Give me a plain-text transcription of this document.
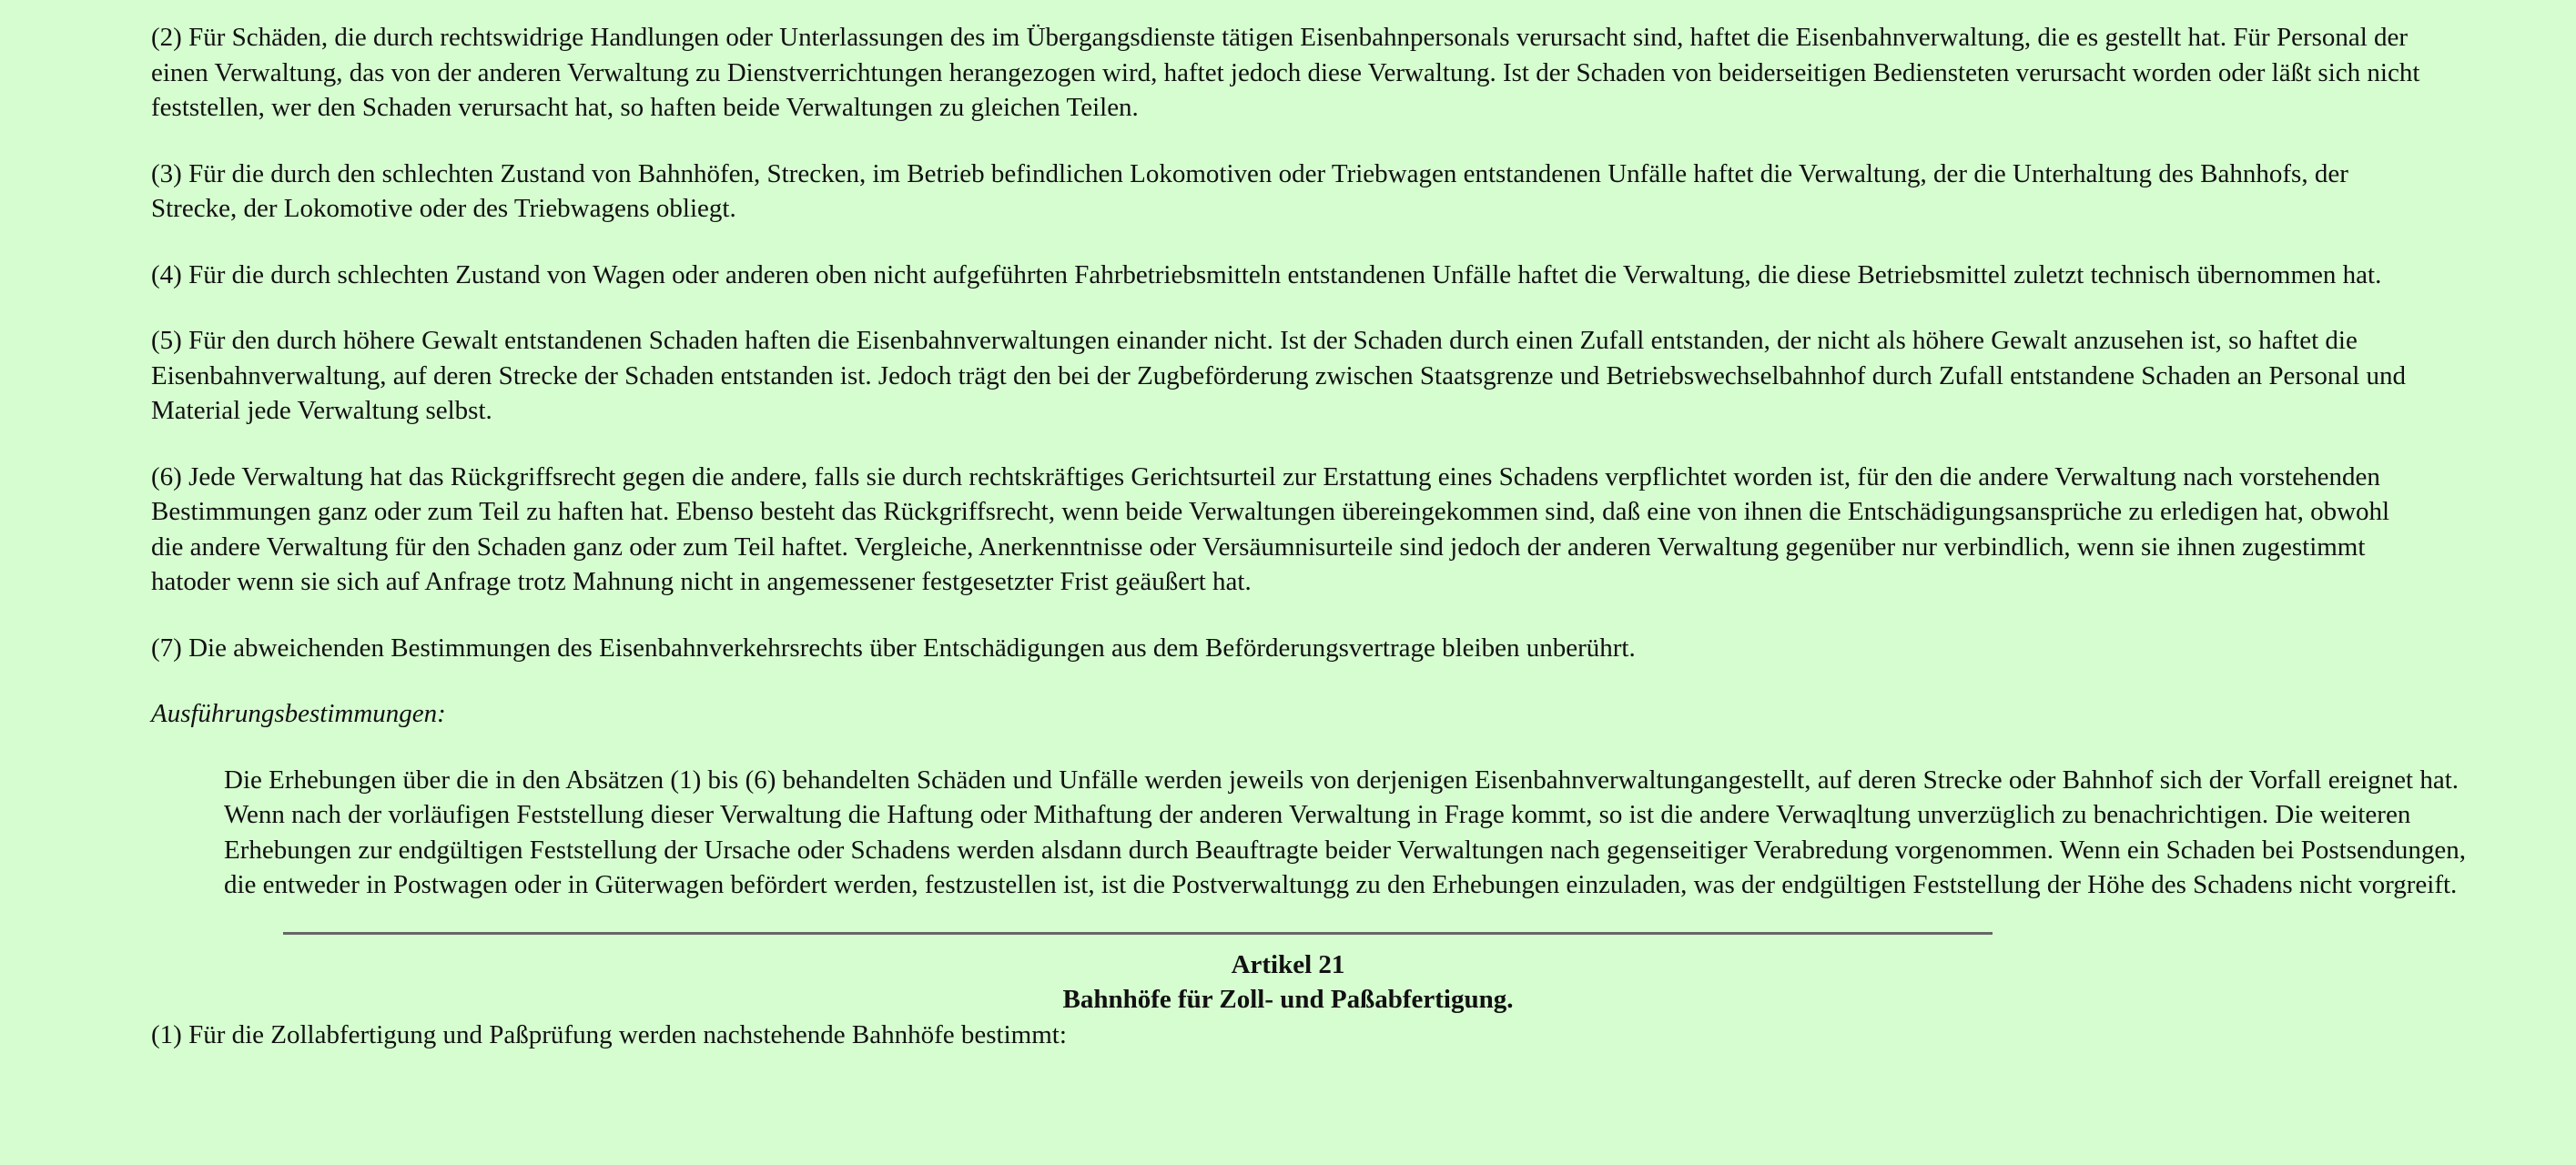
(2) Für Schäden, die durch rechtswidrige Handlungen oder Unterlassungen des im Übergangsdienste tätigen Eisenbahnpersonals verursacht sind, haftet die Eisenbahnverwaltung, die es gestellt hat. Für Personal der einen Verwaltung, das von der anderen Verwaltung zu Dienstverrichtungen herangezogen wird, haftet jedoch diese Verwaltung. Ist der Schaden von beiderseitigen Bediensteten verursacht worden oder läßt sich nicht feststellen, wer den Schaden verursacht hat, so haften beide Verwaltungen zu gleichen Teilen.

(3) Für die durch den schlechten Zustand von Bahnhöfen, Strecken, im Betrieb befindlichen Lokomotiven oder Triebwagen entstandenen Unfälle haftet die Verwaltung, der die Unterhaltung des Bahnhofs, der Strecke, der Lokomotive oder des Triebwagens obliegt.

(4) Für die durch schlechten Zustand von Wagen oder anderen oben nicht aufgeführten Fahrbetriebsmitteln entstandenen Unfälle haftet die Verwaltung, die diese Betriebsmittel zuletzt technisch übernommen hat.

(5) Für den durch höhere Gewalt entstandenen Schaden haften die Eisenbahnverwaltungen einander nicht. Ist der Schaden durch einen Zufall entstanden, der nicht als höhere Gewalt anzusehen ist, so haftet die Eisenbahnverwaltung, auf deren Strecke der Schaden entstanden ist. Jedoch trägt den bei der Zugbeförderung zwischen Staatsgrenze und Betriebswechselbahnhof durch Zufall entstandene Schaden an Personal und Material jede Verwaltung selbst.

(6) Jede Verwaltung hat das Rückgriffsrecht gegen die andere, falls sie durch rechtskräftiges Gerichtsurteil zur Erstattung eines Schadens verpflichtet worden ist, für den die andere Verwaltung nach vorstehenden Bestimmungen ganz oder zum Teil zu haften hat. Ebenso besteht das Rückgriffsrecht, wenn beide Verwaltungen übereingekommen sind, daß eine von ihnen die Entschädigungsansprüche zu erledigen hat, obwohl die andere Verwaltung für den Schaden ganz oder zum Teil haftet. Vergleiche, Anerkenntnisse oder Versäumnisurteile sind jedoch der anderen Verwaltung gegenüber nur verbindlich, wenn sie ihnen zugestimmt hatoder wenn sie sich auf Anfrage trotz Mahnung nicht in angemessener festgesetzter Frist geäußert hat.

(7) Die abweichenden Bestimmungen des Eisenbahnverkehrsrechts über Entschädigungen aus dem Beförderungsvertrage bleiben unberührt.

Ausführungsbestimmungen:

Die Erhebungen über die in den Absätzen (1) bis (6) behandelten Schäden und Unfälle werden jeweils von derjenigen Eisenbahnverwaltungangestellt, auf deren Strecke oder Bahnhof sich der Vorfall ereignet hat. Wenn nach der vorläufigen Feststellung dieser Verwaltung die Haftung oder Mithaftung der anderen Verwaltung in Frage kommt, so ist die andere Verwaqltung unverzüglich zu benachrichtigen. Die weiteren Erhebungen zur endgültigen Feststellung der Ursache oder Schadens werden alsdann durch Beauftragte beider Verwaltungen nach gegenseitiger Verabredung vorgenommen. Wenn ein Schaden bei Postsendungen, die entweder in Postwagen oder in Güterwagen befördert werden, festzustellen ist, ist die Postverwaltungg zu den Erhebungen einzuladen, was der endgültigen Feststellung der Höhe des Schadens nicht vorgreift.

Artikel 21
Bahnhöfe für Zoll- und Paßabfertigung.

(1) Für die Zollabfertigung und Paßprüfung werden nachstehende Bahnhöfe bestimmt:
